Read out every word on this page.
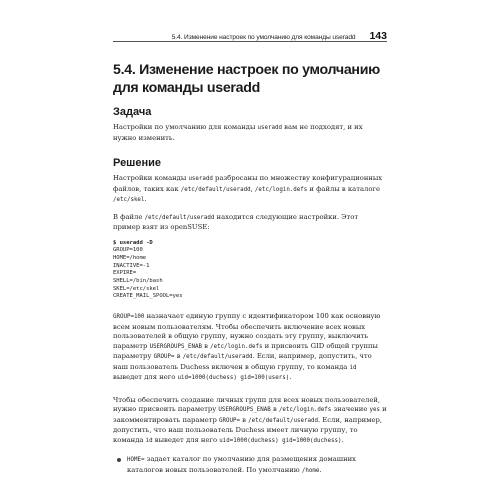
5.4. Изменение настроек по умолчанию для команды useradd 143
5.4. Изменение настроек по умолчанию
для команды useradd
Задача

Настройки по умолчанию для команды useradd вам не подходят, и их нужно изменить.

Решение

Настройки команды useradd разбросаны по множеству конфигурационных файлов, таких как /etc/default/useradd, /etc/login.defs и файлы в каталоге /etc/skel.

В файле /etc/default/useradd находится следующие настройки. Этот пример взят из openSUSE:

$ useradd -D
GROUP=100
HOME=/home
INACTIVE=-1
EXPIRE=
SHELL=/bin/bash
SKEL=/etc/skel
CREATE_MAIL_SPOOL=yes

GROUP=100 назначает единую группу с идентификатором 100 как основную всем новым пользователям. Чтобы обеспечить включение всех новых пользователей в общую группу, нужно создать эту группу, выключить параметр USERGROUPS_ENAB в /etc/login.defs и присвоить GID общей группы параметру GROUP= в /etc/default/useradd. Если, например, допустить, что наш пользователь Duchess включен в общую группу, то команда id выведет для него uid=1000(duchess) gid=100(users).

Чтобы обеспечить создание личных групп для всех новых пользователей, нужно присвоить параметру USERGROUPS_ENAB в /etc/login.defs значение yes и закомментировать параметр GROUP= в /etc/default/useradd. Если, например, допустить, что наш пользователь Duchess имеет личную группу, то команда id выведет для него uid=1000(duchess) gid=1000(duchess).

HOME= задает каталог по умолчанию для размещения домашних каталогов новых пользователей. По умолчанию /home.
